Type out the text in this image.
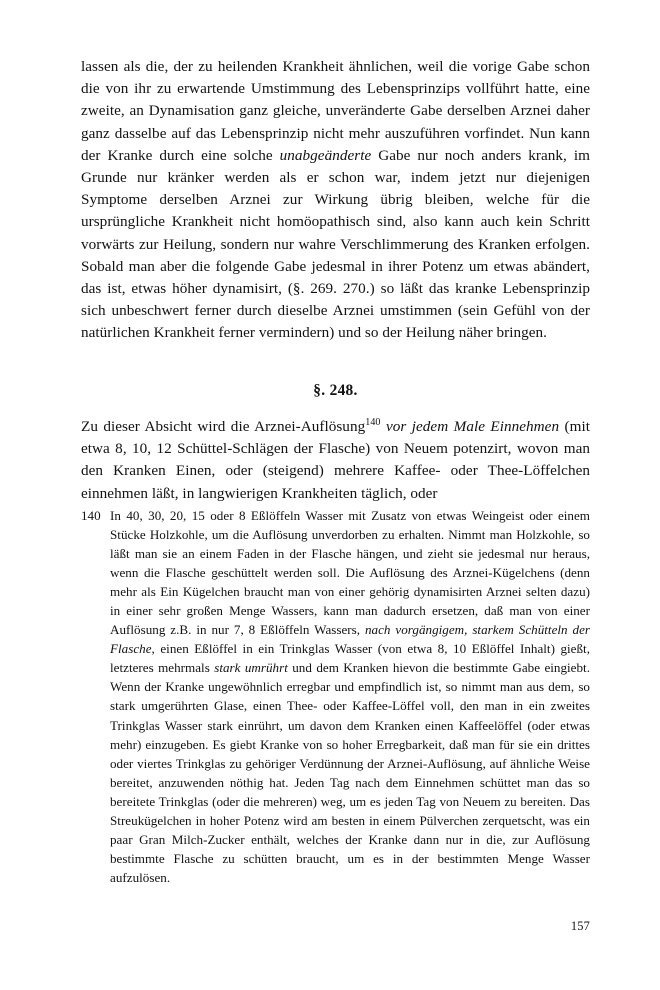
lassen als die, der zu heilenden Krankheit ähnlichen, weil die vorige Gabe schon die von ihr zu erwartende Umstimmung des Lebensprinzips vollführt hatte, eine zweite, an Dynamisation ganz gleiche, unveränderte Gabe derselben Arznei daher ganz dasselbe auf das Lebensprinzip nicht mehr auszuführen vorfindet. Nun kann der Kranke durch eine solche unabgeänderte Gabe nur noch anders krank, im Grunde nur kränker werden als er schon war, indem jetzt nur diejenigen Symptome derselben Arznei zur Wirkung übrig bleiben, welche für die ursprüngliche Krankheit nicht homöopathisch sind, also kann auch kein Schritt vorwärts zur Heilung, sondern nur wahre Verschlimmerung des Kranken erfolgen. Sobald man aber die folgende Gabe jedesmal in ihrer Potenz um etwas abändert, das ist, etwas höher dynamisirt, (§. 269. 270.) so läßt das kranke Lebensprinzip sich unbeschwert ferner durch dieselbe Arznei umstimmen (sein Gefühl von der natürlichen Krankheit ferner vermindern) und so der Heilung näher bringen.
§. 248.
Zu dieser Absicht wird die Arznei-Auflösung$^{140}$ vor jedem Male Einnehmen (mit etwa 8, 10, 12 Schüttel-Schlägen der Flasche) von Neuem potenzirt, wovon man den Kranken Einen, oder (steigend) mehrere Kaffee- oder Thee-Löffelchen einnehmen läßt, in langwierigen Krankheiten täglich, oder
140 In 40, 30, 20, 15 oder 8 Eßlöffeln Wasser mit Zusatz von etwas Weingeist oder einem Stücke Holzkohle, um die Auflösung unverdorben zu erhalten. Nimmt man Holzkohle, so läßt man sie an einem Faden in der Flasche hängen, und zieht sie jedesmal nur heraus, wenn die Flasche geschüttelt werden soll. Die Auflösung des Arznei-Kügelchens (denn mehr als Ein Kügelchen braucht man von einer gehörig dynamisirten Arznei selten dazu) in einer sehr großen Menge Wassers, kann man dadurch ersetzen, daß man von einer Auflösung z.B. in nur 7, 8 Eßlöffeln Wassers, nach vorgängigem, starkem Schütteln der Flasche, einen Eßlöffel in ein Trinkglas Wasser (von etwa 8, 10 Eßlöffel Inhalt) gießt, letzteres mehrmals stark umrührt und dem Kranken hievon die bestimmte Gabe eingiebt. Wenn der Kranke ungewöhnlich erregbar und empfindlich ist, so nimmt man aus dem, so stark umgerührten Glase, einen Thee- oder Kaffee-Löffel voll, den man in ein zweites Trinkglas Wasser stark einrührt, um davon dem Kranken einen Kaffeelöffel (oder etwas mehr) einzugeben. Es giebt Kranke von so hoher Erregbarkeit, daß man für sie ein drittes oder viertes Trinkglas zu gehöriger Verdünnung der Arznei-Auflösung, auf ähnliche Weise bereitet, anzuwenden nöthig hat. Jeden Tag nach dem Einnehmen schüttet man das so bereitete Trinkglas (oder die mehreren) weg, um es jeden Tag von Neuem zu bereiten. Das Streukügelchen in hoher Potenz wird am besten in einem Pülverchen zerquetscht, was ein paar Gran Milch-Zucker enthält, welches der Kranke dann nur in die, zur Auflösung bestimmte Flasche zu schütten braucht, um es in der bestimmten Menge Wasser aufzulösen.
157
